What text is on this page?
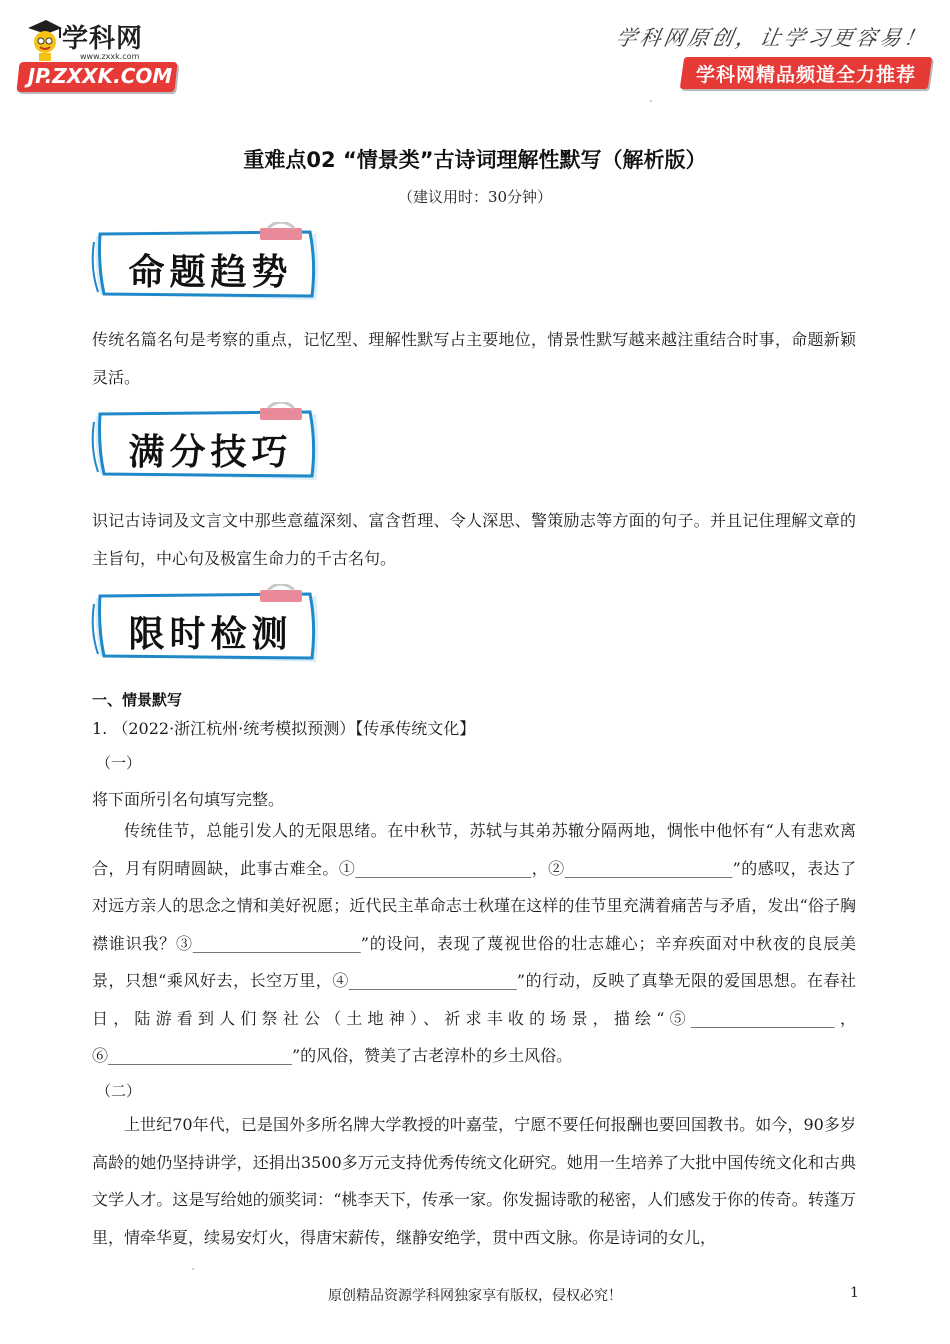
学科网
www.zxxk.com
JP.ZXXK.COM
学科网原创，让学习更容易！
学科网精品频道全力推荐
重难点02 “情景类”古诗词理解性默写（解析版）
（建议用时：30分钟）
命题趋势
传统名篇名句是考察的重点，记忆型、理解性默写占主要地位，情景性默写越来越注重结合时事，命题新颖灵活。
满分技巧
识记古诗词及文言文中那些意蕴深刻、富含哲理、令人深思、警策励志等方面的句子。并且记住理解文章的主旨句，中心句及极富生命力的千古名句。
限时检测
一、情景默写
1. （2022·浙江杭州·统考模拟预测）【传承传统文化】
（一）
将下面所引名句填写完整。
传统佳节，总能引发人的无限思绪。在中秋节，苏轼与其弟苏辙分隔两地，惆怅中他怀有“人有悲欢离合，月有阴晴圆缺，此事古难全。①______________________，②_____________________”的感叹，表达了对远方亲人的思念之情和美好祝愿；近代民主革命志士秋瑾在这样的佳节里充满着痛苦与矛盾，发出“俗子胸襟谁识我？③_____________________”的设问，表现了蔑视世俗的壮志雄心；辛弃疾面对中秋夜的良辰美景，只想“乘风好去，长空万里，④_____________________”的行动，反映了真挚无限的爱国思想。在春社日，陆游看到人们祭社公（土地神）、祈求丰收的场景，描绘“⑤__________________，⑥_______________________”的风俗，赞美了古老淳朴的乡土风俗。
（二）
上世纪70年代，已是国外多所名牌大学教授的叶嘉莹，宁愿不要任何报酬也要回国教书。如今，90多岁高龄的她仍坚持讲学，还捐出3500多万元支持优秀传统文化研究。她用一生培养了大批中国传统文化和古典文学人才。这是写给她的颁奖词：“桃李天下，传承一家。你发掘诗歌的秘密，人们感发于你的传奇。转蓬万里，情牵华夏，续易安灯火，得唐宋薪传，继静安绝学，贯中西文脉。你是诗词的女儿，
原创精品资源学科网独家享有版权，侵权必究！	1
